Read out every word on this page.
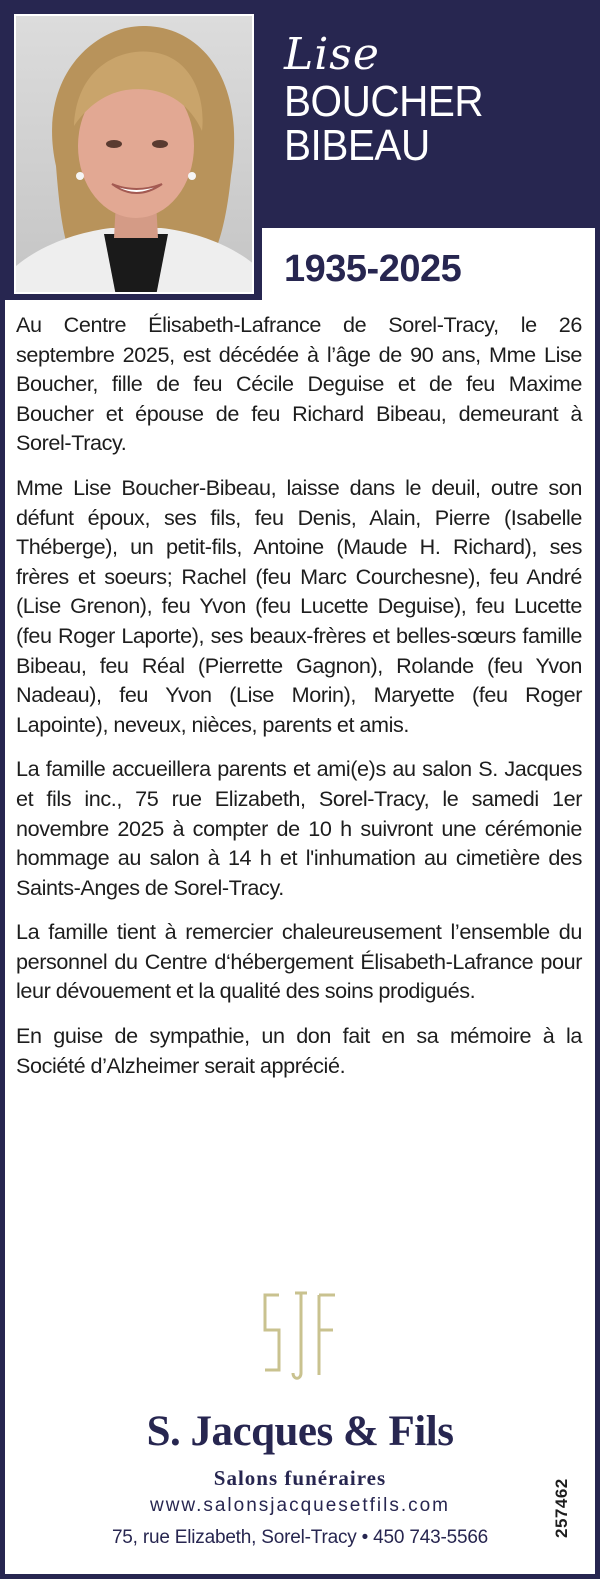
Lise
BOUCHER
BIBEAU
1935-2025

Au Centre Élisabeth-Lafrance de Sorel-Tracy, le 26 septembre 2025, est décédée à l’âge de 90 ans, Mme Lise Boucher, fille de feu Cécile Deguise et de feu Maxime Boucher et épouse de feu Richard Bibeau, demeurant à Sorel-Tracy.

Mme Lise Boucher-Bibeau, laisse dans le deuil, outre son défunt époux, ses fils, feu Denis, Alain, Pierre (Isabelle Théberge), un petit-fils, Antoine (Maude H. Richard), ses frères et soeurs; Rachel (feu Marc Courchesne), feu André (Lise Grenon), feu Yvon (feu Lucette Deguise), feu Lucette (feu Roger Laporte), ses beaux-frères et belles-sœurs famille Bibeau, feu Réal (Pierrette Gagnon), Rolande (feu Yvon Nadeau), feu Yvon (Lise Morin), Maryette (feu Roger Lapointe), neveux, nièces, parents et amis.

La famille accueillera parents et ami(e)s au salon S. Jacques et fils inc., 75 rue Elizabeth, Sorel-Tracy, le samedi 1er novembre 2025 à compter de 10 h suivront une cérémonie hommage au salon à 14 h et l'inhumation au cimetière des Saints-Anges de Sorel-Tracy.

La famille tient à remercier chaleureusement l’ensemble du personnel du Centre d‘hébergement Élisabeth-Lafrance pour leur dévouement et la qualité des soins prodigués.

En guise de sympathie, un don fait en sa mémoire à la Société d’Alzheimer serait apprécié.

S. Jacques & Fils
Salons funéraires
www.salonsjacquesetfils.com
75, rue Elizabeth, Sorel-Tracy • 450 743-5566	257462
